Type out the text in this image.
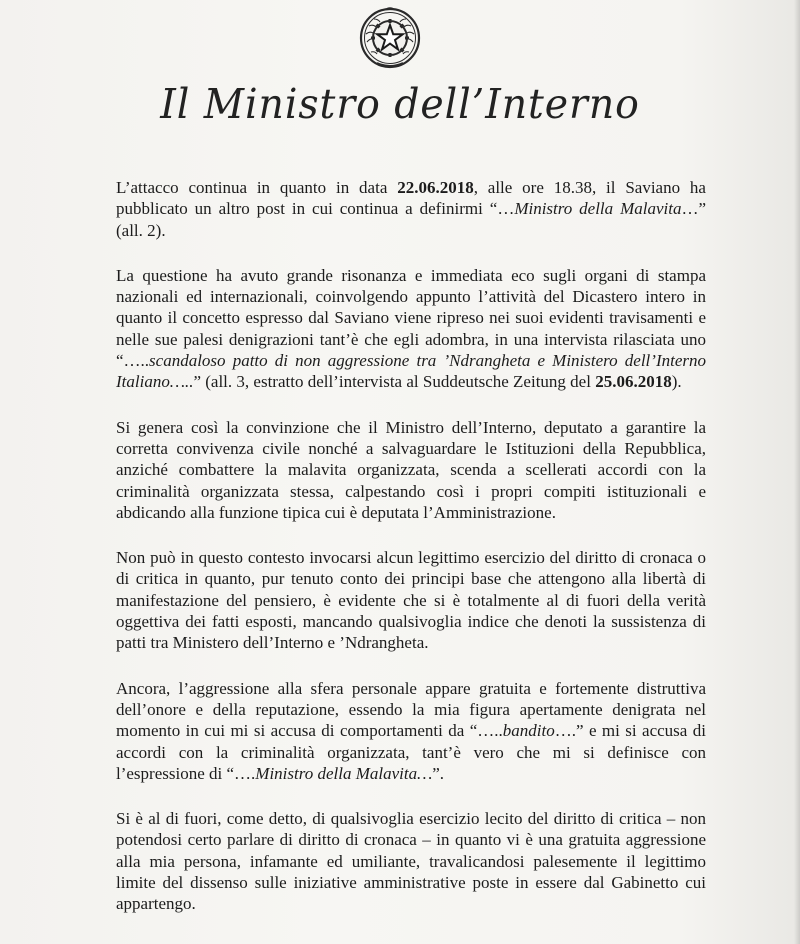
Il Ministro dell’Interno

L’attacco continua in quanto in data 22.06.2018, alle ore 18.38, il Saviano ha pubblicato un altro post in cui continua a definirmi “…Ministro della Malavita…” (all. 2).

La questione ha avuto grande risonanza e immediata eco sugli organi di stampa nazionali ed internazionali, coinvolgendo appunto l’attività del Dicastero intero in quanto il concetto espresso dal Saviano viene ripreso nei suoi evidenti travisamenti e nelle sue palesi denigrazioni tant’è che egli adombra, in una intervista rilasciata uno “…..scandaloso patto di non aggressione tra ’Ndrangheta e Ministero dell’Interno Italiano…..” (all. 3, estratto dell’intervista al Suddeutsche Zeitung del 25.06.2018).

Si genera così la convinzione che il Ministro dell’Interno, deputato a garantire la corretta convivenza civile nonché a salvaguardare le Istituzioni della Repubblica, anziché combattere la malavita organizzata, scenda a scellerati accordi con la criminalità organizzata stessa, calpestando così i propri compiti istituzionali e abdicando alla funzione tipica cui è deputata l’Amministrazione.

Non può in questo contesto invocarsi alcun legittimo esercizio del diritto di cronaca o di critica in quanto, pur tenuto conto dei principi base che attengono alla libertà di manifestazione del pensiero, è evidente che si è totalmente al di fuori della verità oggettiva dei fatti esposti, mancando qualsivoglia indice che denoti la sussistenza di patti tra Ministero dell’Interno e ’Ndrangheta.

Ancora, l’aggressione alla sfera personale appare gratuita e fortemente distruttiva dell’onore e della reputazione, essendo la mia figura apertamente denigrata nel momento in cui mi si accusa di comportamenti da “…..bandito….” e mi si accusa di accordi con la criminalità organizzata, tant’è vero che mi si definisce con l’espressione di “….Ministro della Malavita…”.

Si è al di fuori, come detto, di qualsivoglia esercizio lecito del diritto di critica – non potendosi certo parlare di diritto di cronaca – in quanto vi è una gratuita aggressione alla mia persona, infamante ed umiliante, travalicandosi palesemente il legittimo limite del dissenso sulle iniziative amministrative poste in essere dal Gabinetto cui appartengo.
